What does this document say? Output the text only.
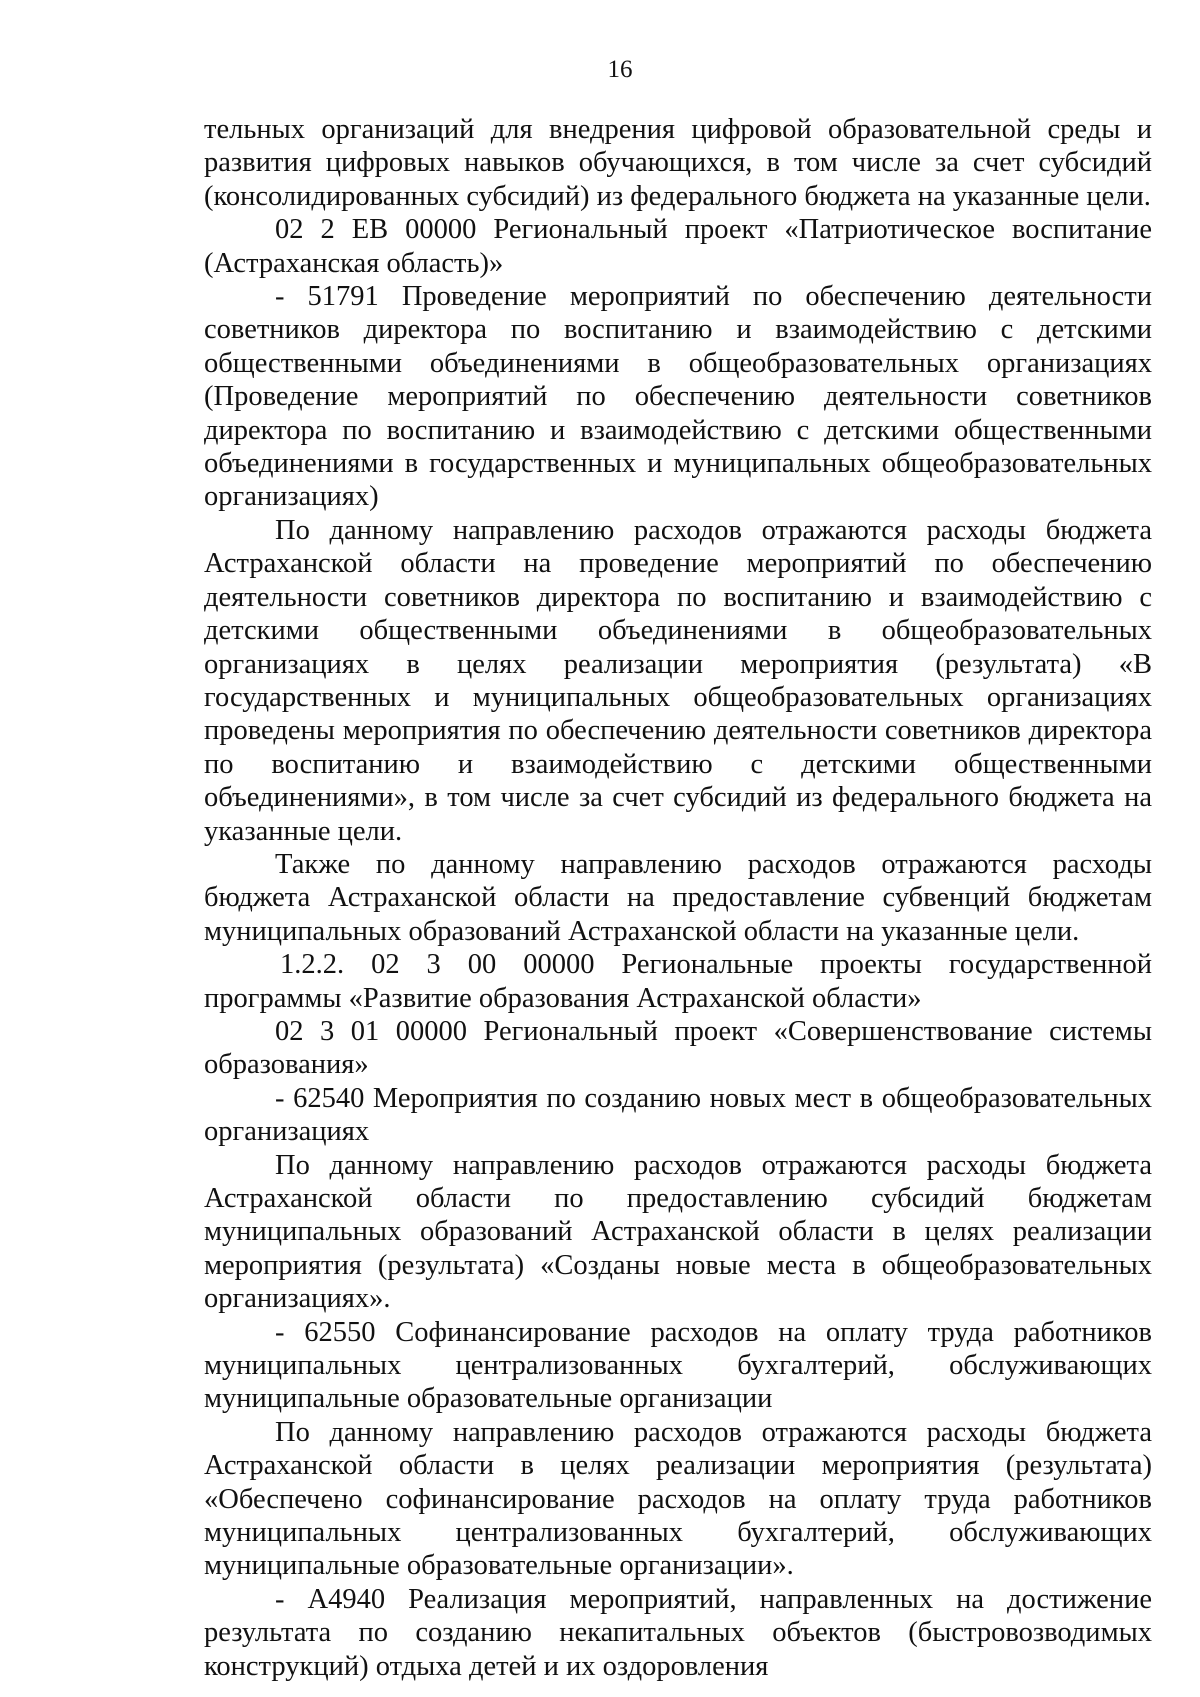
16

тельных организаций для внедрения цифровой образовательной среды и развития цифровых навыков обучающихся, в том числе за счет субсидий (консолидированных субсидий) из федерального бюджета на указанные цели.

02 2 ЕВ 00000 Региональный проект «Патриотическое воспитание (Астраханская область)»

- 51791 Проведение мероприятий по обеспечению деятельности советников директора по воспитанию и взаимодействию с детскими общественными объединениями в общеобразовательных организациях (Проведение мероприятий по обеспечению деятельности советников директора по воспитанию и взаимодействию с детскими общественными объединениями в государственных и муниципальных общеобразовательных организациях)

По данному направлению расходов отражаются расходы бюджета Астраханской области на проведение мероприятий по обеспечению деятельности советников директора по воспитанию и взаимодействию с детскими общественными объединениями в общеобразовательных организациях в целях реализации мероприятия (результата) «В государственных и муниципальных общеобразовательных организациях проведены мероприятия по обеспечению деятельности советников директора по воспитанию и взаимодействию с детскими общественными объединениями», в том числе за счет субсидий из федерального бюджета на указанные цели.

Также по данному направлению расходов отражаются расходы бюджета Астраханской области на предоставление субвенций бюджетам муниципальных образований Астраханской области на указанные цели.

1.2.2. 02 3 00 00000 Региональные проекты государственной программы «Развитие образования Астраханской области»

02 3 01 00000 Региональный проект «Совершенствование системы образования»

- 62540 Мероприятия по созданию новых мест в общеобразовательных организациях

По данному направлению расходов отражаются расходы бюджета Астраханской области по предоставлению субсидий бюджетам муниципальных образований Астраханской области в целях реализации мероприятия (результата) «Созданы новые места в общеобразовательных организациях».

- 62550 Софинансирование расходов на оплату труда работников муниципальных централизованных бухгалтерий, обслуживающих муниципальные образовательные организации

По данному направлению расходов отражаются расходы бюджета Астраханской области в целях реализации мероприятия (результата) «Обеспечено софинансирование расходов на оплату труда работников муниципальных централизованных бухгалтерий, обслуживающих муниципальные образовательные организации».

- А4940 Реализация мероприятий, направленных на достижение результата по созданию некапитальных объектов (быстровозводимых конструкций) отдыха детей и их оздоровления
